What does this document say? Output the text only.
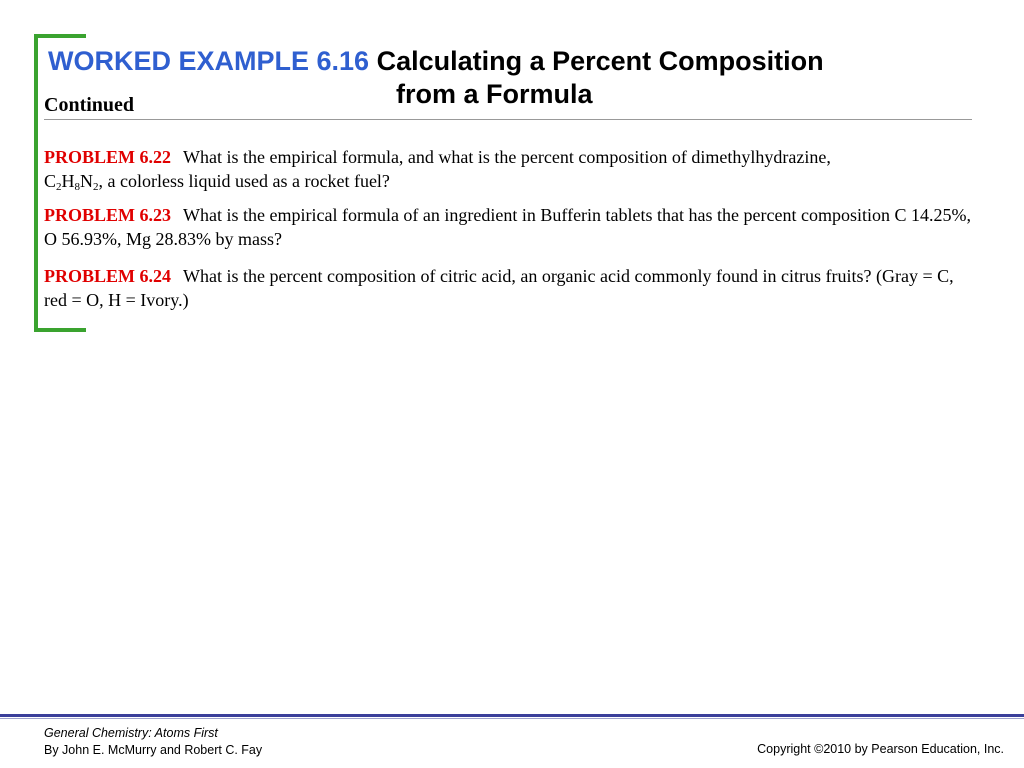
WORKED EXAMPLE 6.16 Calculating a Percent Composition
from a Formula
Continued
PROBLEM 6.22 What is the empirical formula, and what is the percent composition of dimethylhydrazine,
$C_2H_8N_2$, a colorless liquid used as a rocket fuel?
PROBLEM 6.23 What is the empirical formula of an ingredient in Bufferin tablets that has the percent composition C 14.25%, O 56.93%, Mg 28.83% by mass?
PROBLEM 6.24 What is the percent composition of citric acid, an organic acid commonly found in citrus fruits? (Gray = C, red = O, H = Ivory.)
General Chemistry: Atoms First
By John E. McMurry and Robert C. Fay	Copyright ©2010 by Pearson Education, Inc.
